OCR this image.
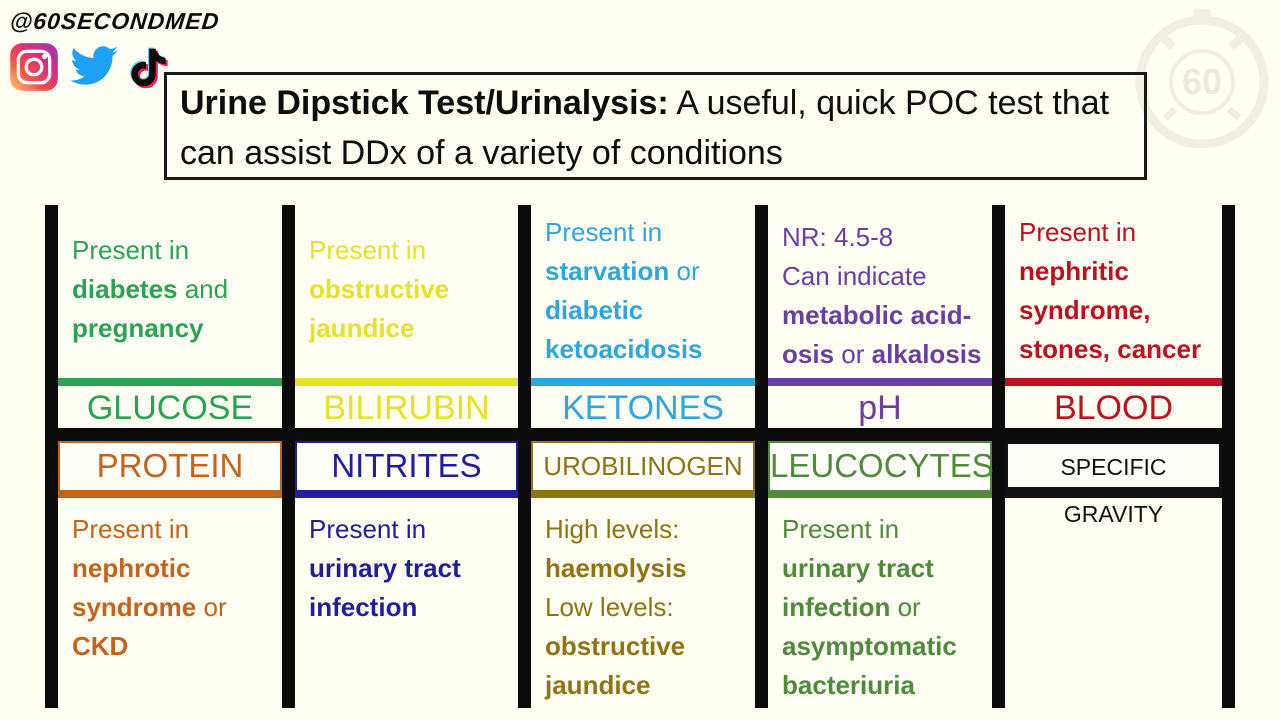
@60SECONDMED
Urine Dipstick Test/Urinalysis: A useful, quick POC test that can assist DDx of a variety of conditions
60
Present in
diabetes and
pregnancy
GLUCOSE
Present in
obstructive
jaundice
BILIRUBIN
Present in
starvation or
diabetic
ketoacidosis
KETONES
NR: 4.5-8
Can indicate
metabolic acid-
osis or alkalosis
pH
Present in
nephritic
syndrome,
stones, cancer
BLOOD
PROTEIN
Present in
nephrotic
syndrome or
CKD
NITRITES
Present in
urinary tract
infection
UROBILINOGEN
High levels:
haemolysis
Low levels:
obstructive
jaundice
LEUCOCYTES
Present in
urinary tract
infection or
asymptomatic
bacteriuria
SPECIFIC GRAVITY
